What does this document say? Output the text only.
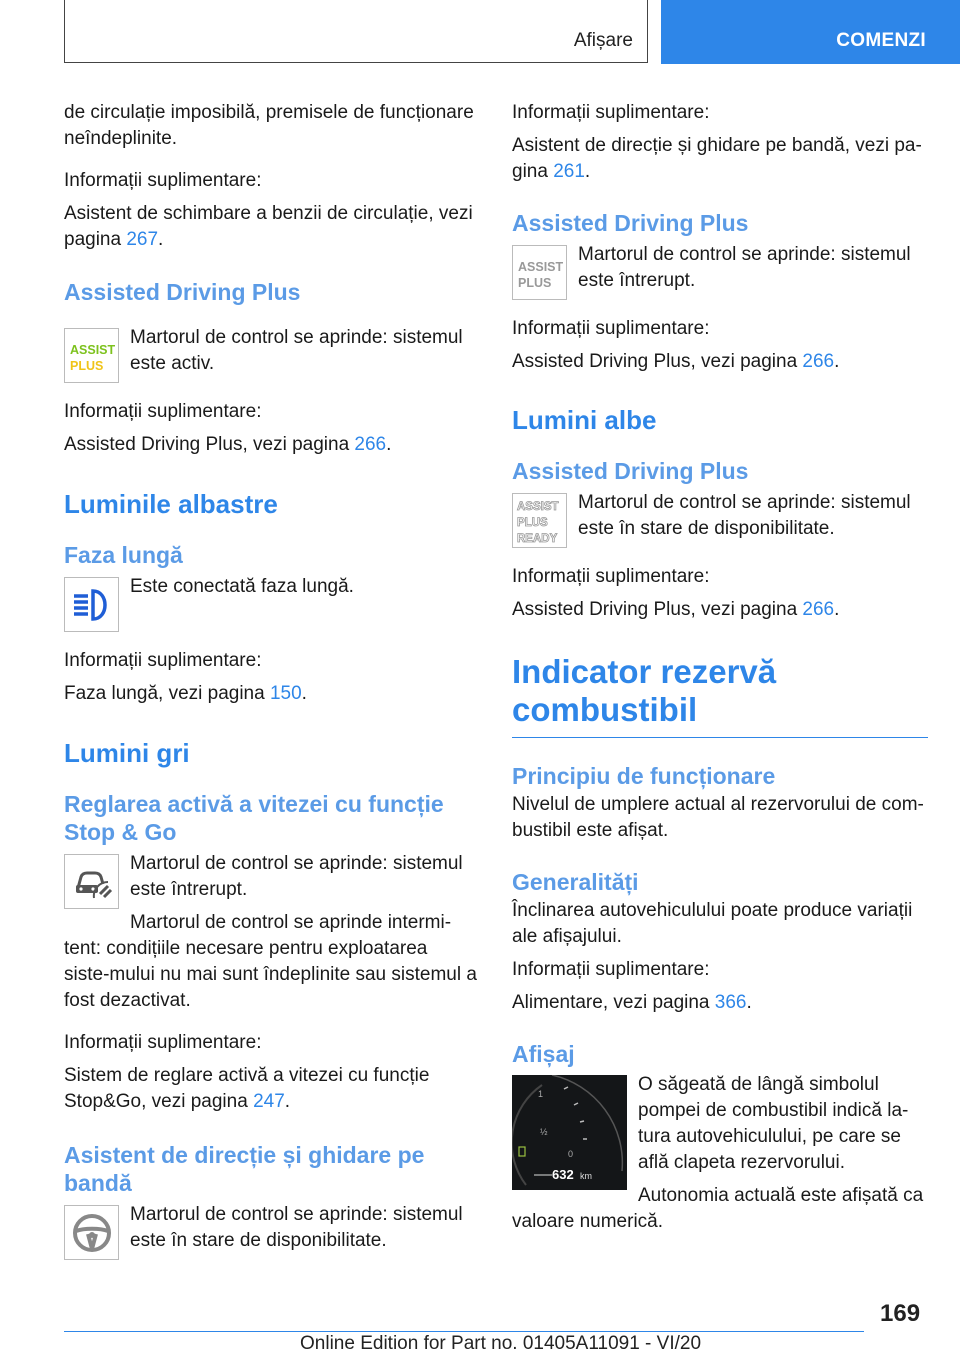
Afișare	COMENZI

de circulație imposibilă, premisele de funcționare neîndeplinite.

Informații suplimentare:

Asistent de schimbare a benzii de circulație, vezi pagina 267.

Assisted Driving Plus
ASSIST
PLUS

Martorul de control se aprinde: sistemul este activ.

Informații suplimentare:

Assisted Driving Plus, vezi pagina 266.

Luminile albastre
Faza lungă

Este conectată faza lungă.

Informații suplimentare:

Faza lungă, vezi pagina 150.

Lumini gri
Reglarea activă a vitezei cu funcție Stop & Go

Martorul de control se aprinde: sistemul este întrerupt.

Martorul de control se aprinde intermi-

tent: condițiile necesare pentru exploatarea siste-mului nu mai sunt îndeplinite sau sistemul a fost dezactivat.

Informații suplimentare:

Sistem de reglare activă a vitezei cu funcție Stop&Go, vezi pagina 247.

Asistent de direcție și ghidare pe bandă

Martorul de control se aprinde: sistemul este în stare de disponibilitate.

Informații suplimentare:

Asistent de direcție și ghidare pe bandă, vezi pa-gina 261.

Assisted Driving Plus
ASSIST
PLUS

Martorul de control se aprinde: sistemul este întrerupt.

Informații suplimentare:

Assisted Driving Plus, vezi pagina 266.

Lumini albe
Assisted Driving Plus
ASSIST
PLUS
READY

Martorul de control se aprinde: sistemul este în stare de disponibilitate.

Informații suplimentare:

Assisted Driving Plus, vezi pagina 266.

Indicator rezervă combustibil
Principiu de funcționare

Nivelul de umplere actual al rezervorului de com-bustibil este afișat.

Generalități

Înclinarea autovehiculului poate produce variații ale afișajului.

Informații suplimentare:

Alimentare, vezi pagina 366.

Afișaj
1
½
0
632 km

O săgeată de lângă simbolul pompei de combustibil indică la-tura autovehiculului, pe care se află clapeta rezervorului.

Autonomia actuală este afișată ca

valoare numerică.

169
Online Edition for Part no. 01405A11091 - VI/20
